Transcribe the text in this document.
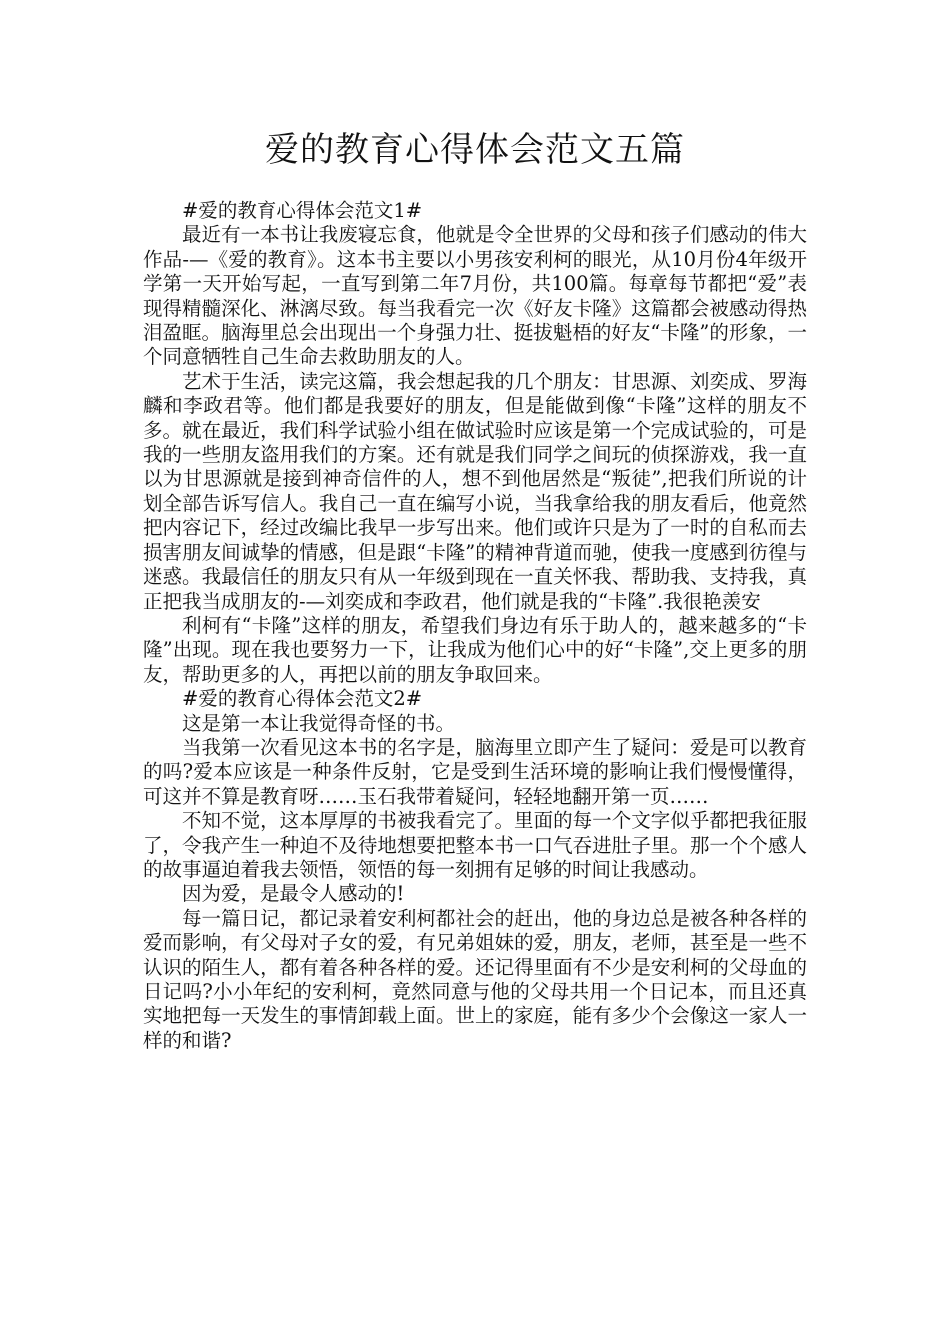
爱的教育心得体会范文五篇

#爱的教育心得体会范文1#

最近有一本书让我废寝忘食，他就是令全世界的父母和孩子们感动的伟大作品-—《爱的教育》。这本书主要以小男孩安利柯的眼光，从10月份4年级开学第一天开始写起，一直写到第二年7月份，共100篇。每章每节都把“爱”表现得精髓深化、淋漓尽致。每当我看完一次《好友卡隆》这篇都会被感动得热泪盈眶。脑海里总会出现出一个身强力壮、挺拔魁梧的好友“卡隆”的形象，一个同意牺牲自己生命去救助朋友的人。

艺术于生活，读完这篇，我会想起我的几个朋友：甘思源、刘奕成、罗海麟和李政君等。他们都是我要好的朋友，但是能做到像“卡隆”这样的朋友不多。就在最近，我们科学试验小组在做试验时应该是第一个完成试验的，可是我的一些朋友盗用我们的方案。还有就是我们同学之间玩的侦探游戏，我一直以为甘思源就是接到神奇信件的人，想不到他居然是“叛徒”,把我们所说的计划全部告诉写信人。我自己一直在编写小说，当我拿给我的朋友看后，他竟然把内容记下，经过改编比我早一步写出来。他们或许只是为了一时的自私而去损害朋友间诚挚的情感，但是跟“卡隆”的精神背道而驰，使我一度感到彷徨与迷惑。我最信任的朋友只有从一年级到现在一直关怀我、帮助我、支持我，真正把我当成朋友的-—刘奕成和李政君，他们就是我的“卡隆”.我很艳羡安

利柯有“卡隆”这样的朋友，希望我们身边有乐于助人的，越来越多的“卡隆”出现。现在我也要努力一下，让我成为他们心中的好“卡隆”,交上更多的朋友，帮助更多的人，再把以前的朋友争取回来。

#爱的教育心得体会范文2#

这是第一本让我觉得奇怪的书。

当我第一次看见这本书的名字是，脑海里立即产生了疑问：爱是可以教育的吗?爱本应该是一种条件反射，它是受到生活环境的影响让我们慢慢懂得，可这并不算是教育呀……玉石我带着疑问，轻轻地翻开第一页……

不知不觉，这本厚厚的书被我看完了。里面的每一个文字似乎都把我征服了，令我产生一种迫不及待地想要把整本书一口气吞进肚子里。那一个个感人的故事逼迫着我去领悟，领悟的每一刻拥有足够的时间让我感动。

因为爱，是最令人感动的!

每一篇日记，都记录着安利柯都社会的赶出，他的身边总是被各种各样的爱而影响，有父母对子女的爱，有兄弟姐妹的爱，朋友，老师，甚至是一些不认识的陌生人，都有着各种各样的爱。还记得里面有不少是安利柯的父母血的日记吗?小小年纪的安利柯，竟然同意与他的父母共用一个日记本，而且还真实地把每一天发生的事情卸载上面。世上的家庭，能有多少个会像这一家人一样的和谐?
